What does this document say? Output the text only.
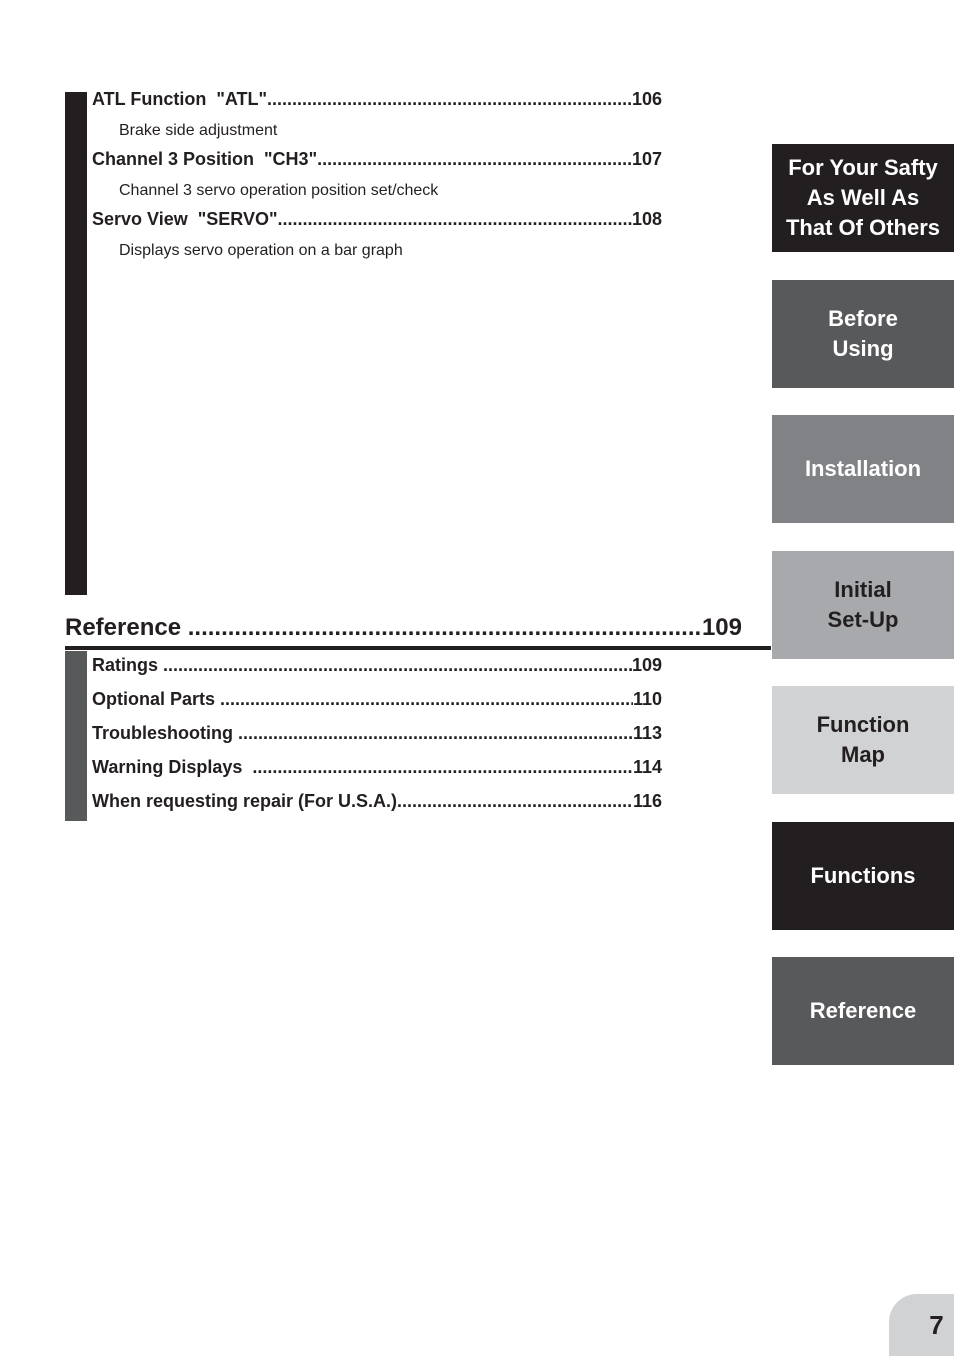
ATL Function  "ATL" .....	106
Brake side adjustment
Channel 3 Position  "CH3" .....	107
Channel 3 servo operation position set/check
Servo View  "SERVO" .....	108
Displays servo operation on a bar graph
Reference .....	109
Ratings .....	109
Optional Parts .....	110
Troubleshooting .....	113
Warning Displays .....	114
When requesting repair (For U.S.A.) .....	116
For Your Safty
As Well As
That Of Others
Before
Using
Installation
Initial
Set-Up
Function
Map
Functions
Reference
7
